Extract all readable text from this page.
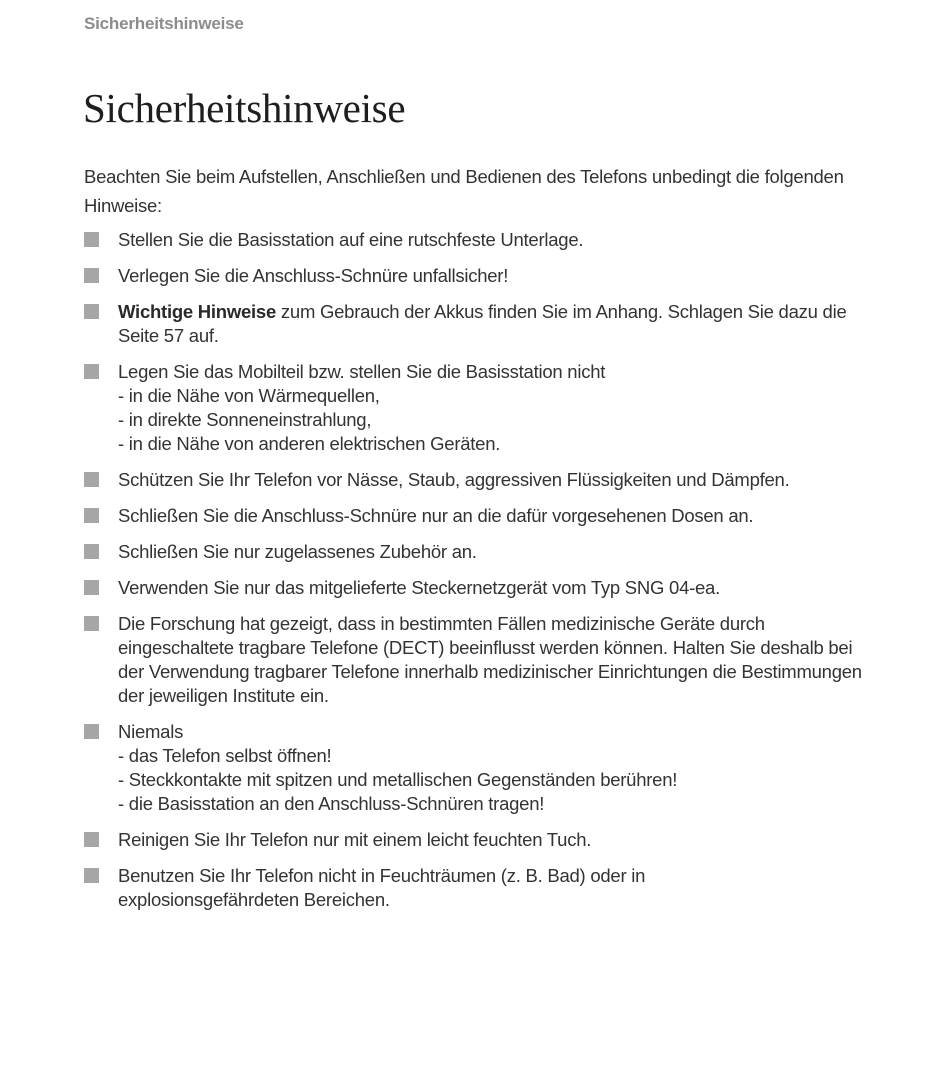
Sicherheitshinweise
Sicherheitshinweise

Beachten Sie beim Aufstellen, Anschließen und Bedienen des Telefons unbedingt die folgenden Hinweise:

Stellen Sie die Basisstation auf eine rutschfeste Unterlage.
Verlegen Sie die Anschluss-Schnüre unfallsicher!
Wichtige Hinweise zum Gebrauch der Akkus finden Sie im Anhang. Schlagen Sie dazu die Seite 57 auf.
Legen Sie das Mobilteil bzw. stellen Sie die Basisstation nicht
- in die Nähe von Wärmequellen,
- in direkte Sonneneinstrahlung,
- in die Nähe von anderen elektrischen Geräten.
Schützen Sie Ihr Telefon vor Nässe, Staub, aggressiven Flüssigkeiten und Dämpfen.
Schließen Sie die Anschluss-Schnüre nur an die dafür vorgesehenen Dosen an.
Schließen Sie nur zugelassenes Zubehör an.
Verwenden Sie nur das mitgelieferte Steckernetzgerät vom Typ SNG 04-ea.
Die Forschung hat gezeigt, dass in bestimmten Fällen medizinische Geräte durch eingeschaltete tragbare Telefone (DECT) beeinflusst werden können. Halten Sie deshalb bei der Verwendung tragbarer Telefone innerhalb medizinischer Einrichtungen die Bestimmungen der jeweiligen Institute ein.
Niemals
- das Telefon selbst öffnen!
- Steckkontakte mit spitzen und metallischen Gegenständen berühren!
- die Basisstation an den Anschluss-Schnüren tragen!
Reinigen Sie Ihr Telefon nur mit einem leicht feuchten Tuch.
Benutzen Sie Ihr Telefon nicht in Feuchträumen (z. B. Bad) oder in
explosionsgefährdeten Bereichen.
